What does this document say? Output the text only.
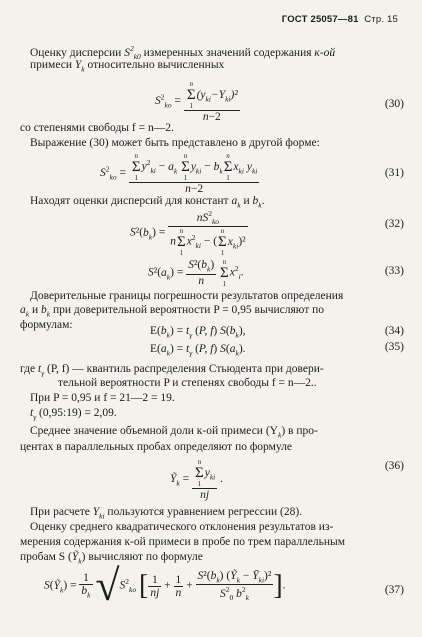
ГОСТ 25057—81 Стр. 15
Оценку дисперсии $S^2_{k0}$ измеренных значений содержания к-ой
примеси $Y_k$ относительно вычисленных
$S^2_{ko} = n$
Σ
1
$(y_{ki}-Y_{ki})^2$
n−2	(30)
со степенями свободы f = n—2.
Выражение (30) может быть представлено в другой форме:
$S^2_{ko} = n$
Σ
1
$y^2_{ki} - a_k$
n
Σ
1
$y_{ki} - b_k$
n
Σ
1
$x_{ki}$ $y_{ki}$
n−2	(31)
Находят оценки дисперсий для констант $a_k$ и $b_k$.
$S^2(b_k) = nS^2_{ko}$
n
n
Σ
1
$x^2_{ki}$ − (
n
Σ
1
$x_{ki})^2$	(32)
$S^2(a_k) = \frac{S^2(b_k)}{n}$
n
Σ
1
$x^2_i$.	(33)
Доверительные границы погрешности результатов определения
$a_k$ и $b_k$ при доверительной вероятности P = 0,95 вычисляют по
формулам:	$E(b_k) = t_\gamma$ (P, f) $S(b_k)$,	(34)
$E(a_k) = t_\gamma$ (P, f) $S(a_k)$.	(35)
где $t_\gamma$ (P, f) — квантиль распределения Стьюдента при довери-
тельной вероятности P и степенях свободы f = n—2..
При P = 0,95 и f = 21—2 = 19.
$t_\gamma$ (0,95:19) = 2,09.
Среднее значение объемной доли к-ой примеси $(Y_k)$ в про-
центах в параллельных пробах определяют по формуле
Ỹ$_k$ = n
Σ
1
$y_{ki}$
nj .
(36)
При расчете $Y_{ki}$ пользуются уравнением регрессии (28).
Оценку среднего квадратического отклонения результатов из-
мерения содержания к-ой примеси в пробе по трем параллельным
пробам S (Ỹ$_k$) вычисляют по формуле
S(Ỹ$_k$) = $\frac{1}{b_k} √S^2_{ko}$ [ $\frac{1}{nj} + \frac{1}{n} + \frac{S^2(b_k) (Ỹ_k - Ȳ_{ki})^2}{S^2_0 b^2_k}$ ].	(37)
